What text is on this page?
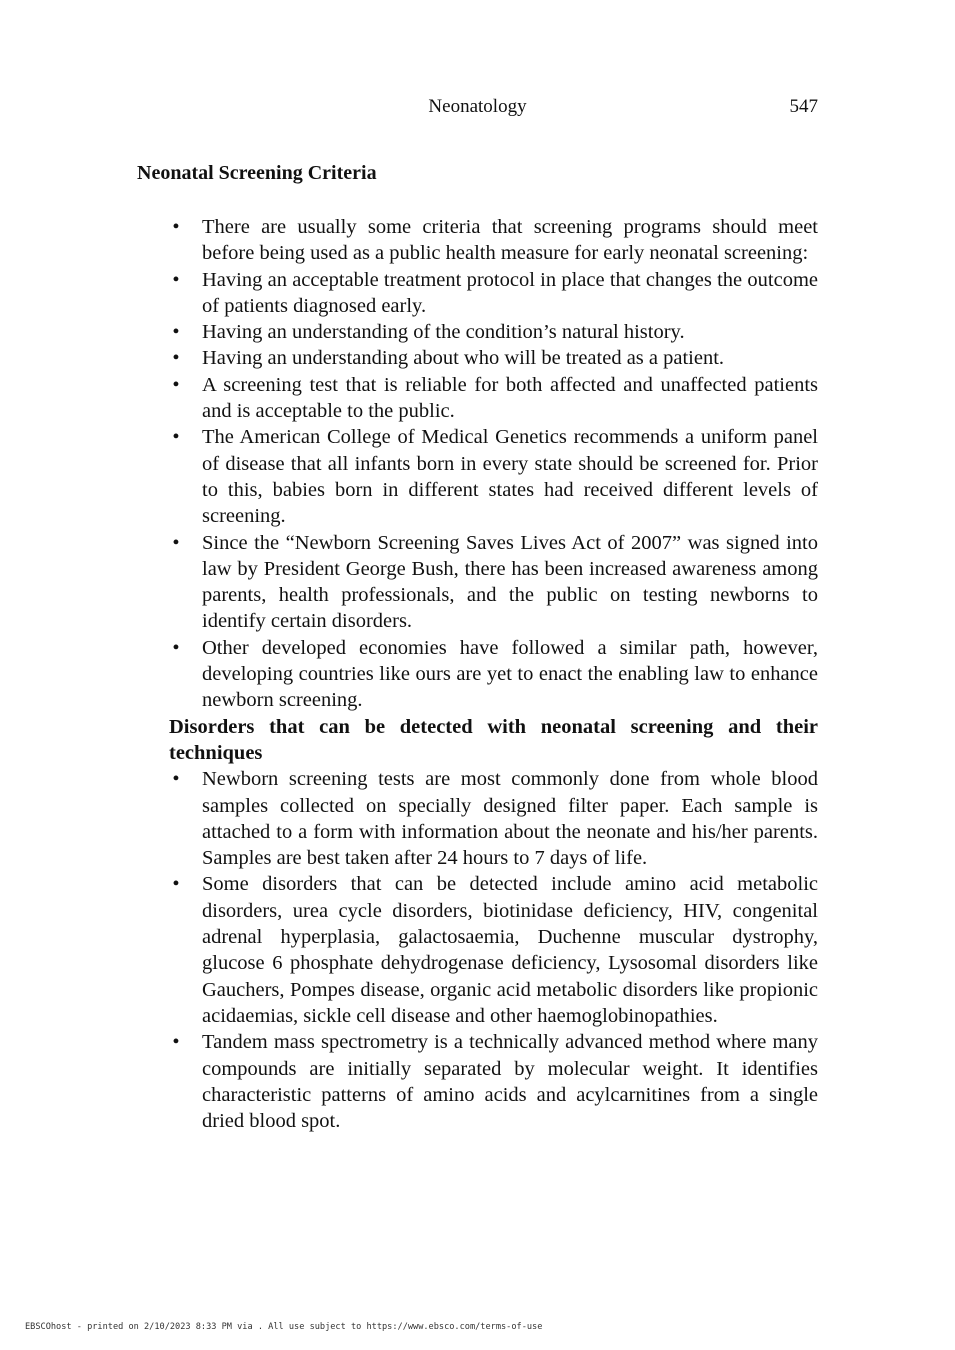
Neonatology	547
Neonatal Screening Criteria
• There are usually some criteria that screening programs should meet before being used as a public health measure for early neonatal screening:
• Having an acceptable treatment protocol in place that changes the outcome of patients diagnosed early.
• Having an understanding of the condition’s natural history.
• Having an understanding about who will be treated as a patient.
• A screening test that is reliable for both affected and unaffected patients and is acceptable to the public.
• The American College of Medical Genetics recommends a uniform panel of disease that all infants born in every state should be screened for. Prior to this, babies born in different states had received different levels of screening.
• Since the “Newborn Screening Saves Lives Act of 2007” was signed into law by President George Bush, there has been increased awareness among parents, health professionals, and the public on testing newborns to identify certain disorders.
• Other developed economies have followed a similar path, however, developing countries like ours are yet to enact the enabling law to enhance newborn screening.
Disorders that can be detected with neonatal screening and their techniques
• Newborn screening tests are most commonly done from whole blood samples collected on specially designed filter paper. Each sample is attached to a form with information about the neonate and his/her parents. Samples are best taken after 24 hours to 7 days of life.
• Some disorders that can be detected include amino acid metabolic disorders, urea cycle disorders, biotinidase deficiency, HIV, congenital adrenal hyperplasia, galactosaemia, Duchenne muscular dystrophy, glucose 6 phosphate dehydrogenase deficiency, Lysosomal disorders like Gauchers, Pompes disease, organic acid metabolic disorders like propionic acidaemias, sickle cell disease and other haemoglobinopathies.
• Tandem mass spectrometry is a technically advanced method where many compounds are initially separated by molecular weight. It identifies characteristic patterns of amino acids and acylcarnitines from a single dried blood spot.
EBSCOhost - printed on 2/10/2023 8:33 PM via . All use subject to https://www.ebsco.com/terms-of-use
